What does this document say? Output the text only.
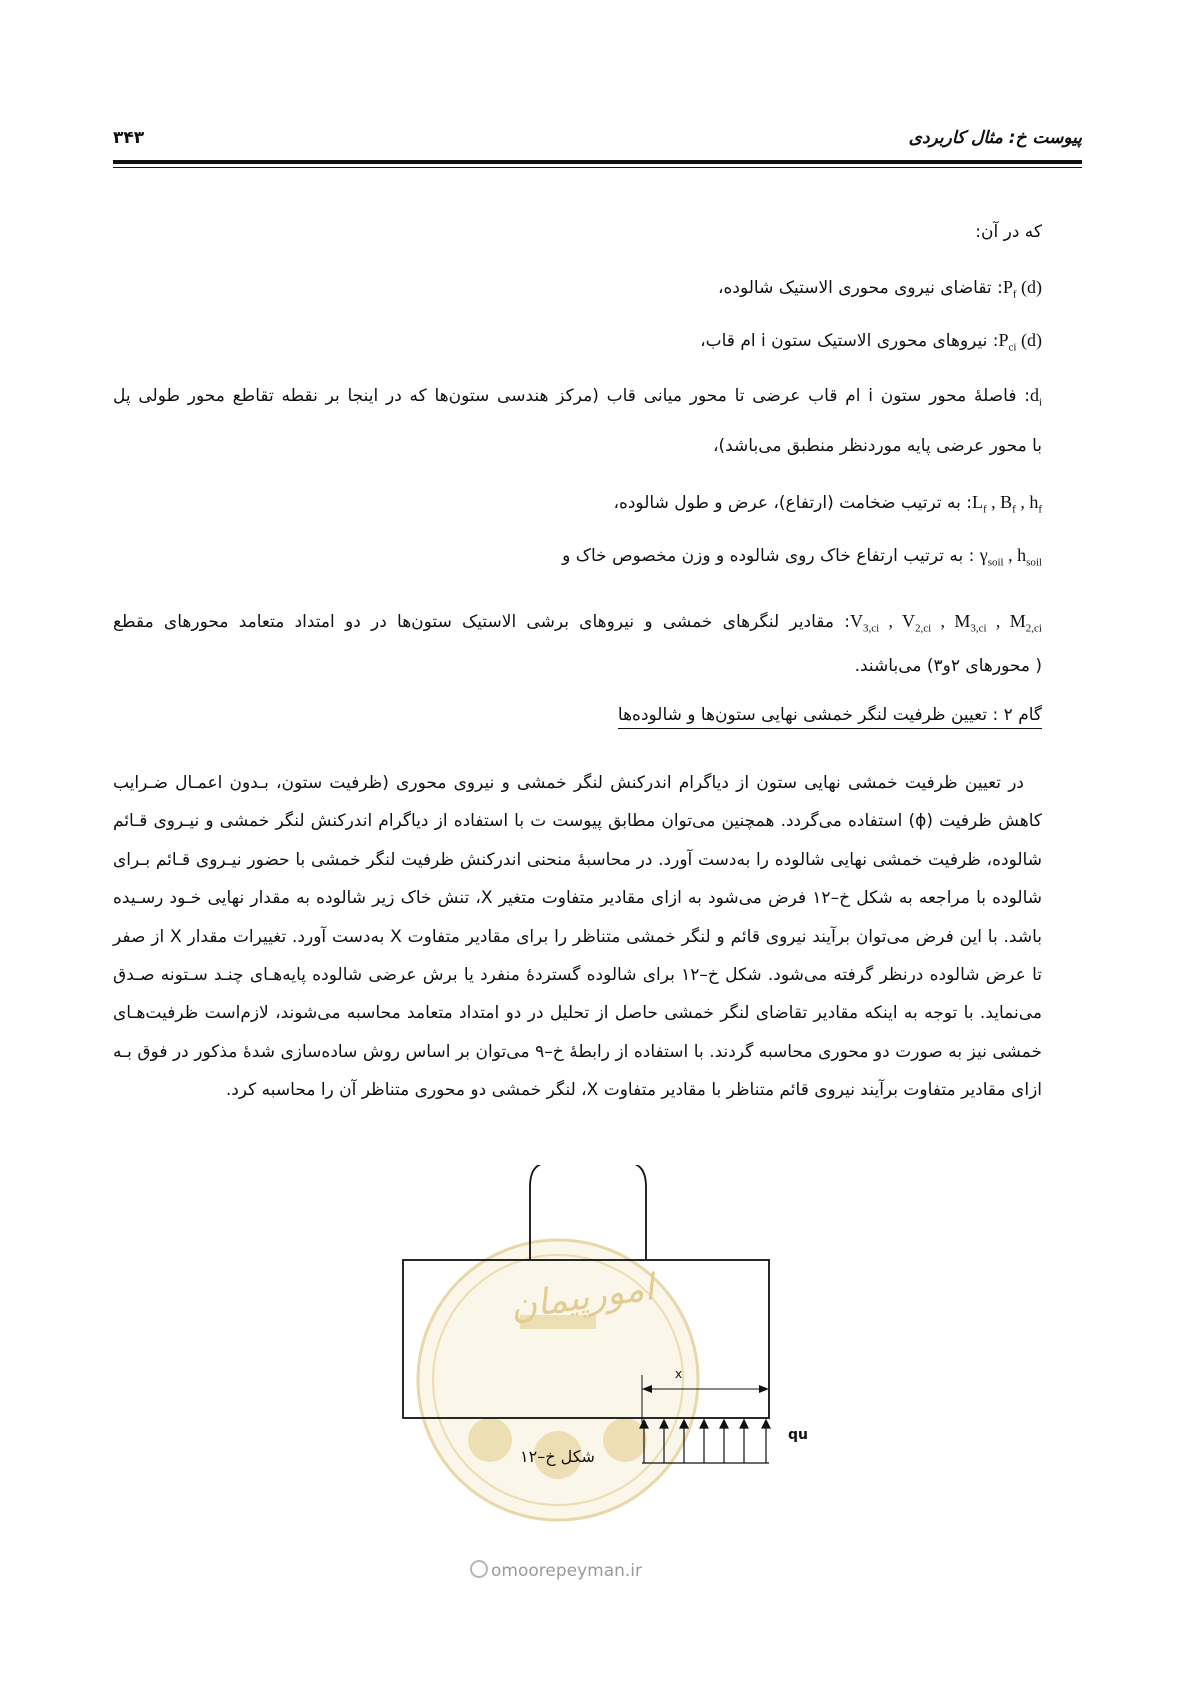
پیوست خ: مثال کاربردی
۳۴۳
که در آن:
$P_f$ (d): تقاضای نیروی محوری الاستیک شالوده،
$P_{ci}$ (d): نیروهای محوری الاستیک ستون i ام قاب،
$d_i$: فاصلهٔ محور ستون i ام قاب عرضی تا محور میانی قاب (مرکز هندسی ستون‌ها که در اینجا بر نقطه تقاطع محور طولی پل
با محور عرضی پایه موردنظر منطبق می‌باشد)،
$L_f$ , $B_f$ , $h_f$: به ترتیب ضخامت (ارتفاع)، عرض و طول شالوده،
$\gamma_{soil}$ , $h_{soil}$ : به ترتیب ارتفاع خاک روی شالوده و وزن مخصوص خاک و
$V_{3,ci}$ , $V_{2,ci}$ , $M_{3,ci}$ , $M_{2,ci}$: مقادیر لنگرهای خمشی و نیروهای برشی الاستیک ستون‌ها در دو امتداد متعامد محورهای مقطع
( محورهای ۲و۳) می‌باشند.
گام ۲ : تعیین ظرفیت لنگر خمشی نهایی ستون‌ها و شالوده‌ها
در تعیین ظرفیت خمشی نهایی ستون از دیاگرام اندرکنش لنگر خمشی و نیروی محوری (ظرفیت ستون، بـدون اعمـال ضـرایب کاهش ظرفیت (ϕ) استفاده می‌گردد. همچنین می‌توان مطابق پیوست ت با استفاده از دیاگرام اندرکنش لنگر خمشی و نیـروی قـائم شالوده، ظرفیت خمشی نهایی شالوده را به‌دست آورد. در محاسبهٔ منحنی اندرکنش ظرفیت لنگر خمشی با حضور نیـروی قـائم بـرای شالوده با مراجعه به شکل خ–۱۲ فرض می‌شود به ازای مقادیر متفاوت متغیر X، تنش خاک زیر شالوده به مقدار نهایی خـود رسـیده باشد. با این فرض می‌توان برآیند نیروی قائم و لنگر خمشی متناظر را برای مقادیر متفاوت X به‌دست آورد. تغییرات مقدار X از صفر تا عرض شالوده درنظر گرفته می‌شود. شکل خ–۱۲ برای شالوده گستردهٔ منفرد یا برش عرضی شالوده پایه‌هـای چنـد سـتونه صـدق می‌نماید. با توجه به اینکه مقادیر تقاضای لنگر خمشی حاصل از تحلیل در دو امتداد متعامد محاسبه می‌شوند، لازم‌است ظرفیت‌هـای خمشی نیز به صورت دو محوری محاسبه گردند. با استفاده از رابطهٔ خ–۹ می‌توان بر اساس روش ساده‌سازی شدهٔ مذکور در فوق بـه ازای مقادیر متفاوت برآیند نیروی قائم متناظر با مقادیر متفاوت X، لنگر خمشی دو محوری متناظر آن را محاسبه کرد.
x
qu
شکل خ–۱۲
امورپیمان
omoorepeyman.ir
